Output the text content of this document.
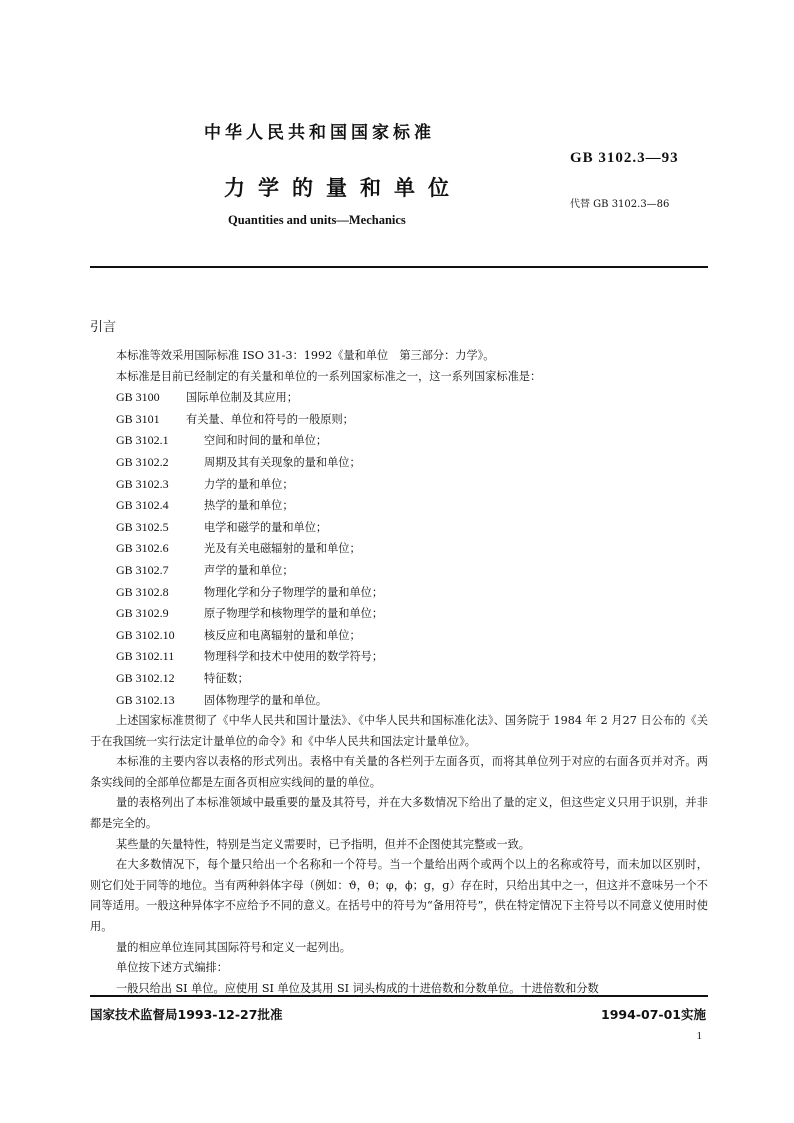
中华人民共和国国家标准
GB 3102.3—93
力学的量和单位
代替 GB 3102.3—86
Quantities and units—Mechanics
引言

本标准等效采用国际标准 ISO 31-3：1992《量和单位　第三部分：力学》。

本标准是目前已经制定的有关量和单位的一系列国家标准之一，这一系列国家标准是：

GB 3100 国际单位制及其应用；
GB 3101 有关量、单位和符号的一般原则；
GB 3102.1	空间和时间的量和单位；
GB 3102.2	周期及其有关现象的量和单位；
GB 3102.3	力学的量和单位；
GB 3102.4	热学的量和单位；
GB 3102.5	电学和磁学的量和单位；
GB 3102.6	光及有关电磁辐射的量和单位；
GB 3102.7	声学的量和单位；
GB 3102.8	物理化学和分子物理学的量和单位；
GB 3102.9	原子物理学和核物理学的量和单位；
GB 3102.10	核反应和电离辐射的量和单位；
GB 3102.11	物理科学和技术中使用的数学符号；
GB 3102.12	特征数；
GB 3102.13	固体物理学的量和单位。

上述国家标准贯彻了《中华人民共和国计量法》、《中华人民共和国标准化法》、国务院于 1984 年 2 月27 日公布的《关于在我国统一实行法定计量单位的命令》和《中华人民共和国法定计量单位》。

本标准的主要内容以表格的形式列出。表格中有关量的各栏列于左面各页，而将其单位列于对应的右面各页并对齐。两条实线间的全部单位都是左面各页相应实线间的量的单位。

量的表格列出了本标准领域中最重要的量及其符号，并在大多数情况下给出了量的定义，但这些定义只用于识别，并非都是完全的。

某些量的矢量特性，特别是当定义需要时，已予指明，但并不企图使其完整或一致。

在大多数情况下，每个量只给出一个名称和一个符号。当一个量给出两个或两个以上的名称或符号，而未加以区别时，则它们处于同等的地位。当有两种斜体字母（例如：ϑ，θ；φ，ϕ；g，ɡ）存在时，只给出其中之一，但这并不意味另一个不同等适用。一般这种异体字不应给予不同的意义。在括号中的符号为“备用符号”，供在特定情况下主符号以不同意义使用时使用。

量的相应单位连同其国际符号和定义一起列出。

单位按下述方式编排：

一般只给出 SI 单位。应使用 SI 单位及其用 SI 词头构成的十进倍数和分数单位。十进倍数和分数

国家技术监督局1993-12-27批准	1994-07-01实施
1
